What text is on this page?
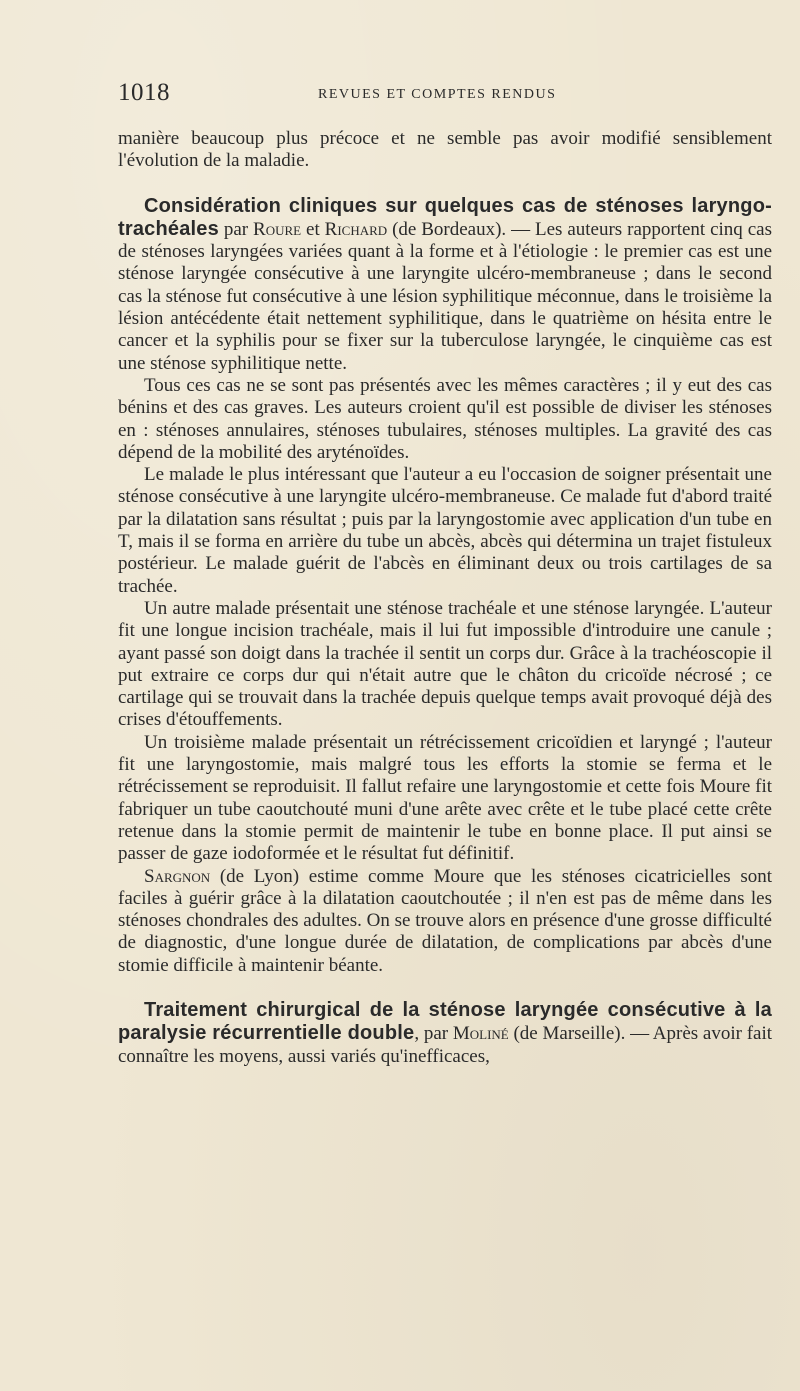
1018	REVUES ET COMPTES RENDUS

manière beaucoup plus précoce et ne semble pas avoir modifié sensiblement l'évolution de la maladie.

Considération cliniques sur quelques cas de sténoses laryngo-trachéales par Roure et Richard (de Bordeaux). — Les auteurs rapportent cinq cas de sténoses laryngées variées quant à la forme et à l'étiologie : le premier cas est une sténose laryngée consécutive à une laryngite ulcéro-membraneuse ; dans le second cas la sténose fut consécutive à une lésion syphilitique méconnue, dans le troisième la lésion antécédente était nettement syphilitique, dans le quatrième on hésita entre le cancer et la syphilis pour se fixer sur la tuberculose laryngée, le cinquième cas est une sténose syphilitique nette.

Tous ces cas ne se sont pas présentés avec les mêmes caractères ; il y eut des cas bénins et des cas graves. Les auteurs croient qu'il est possible de diviser les sténoses en : sténoses annulaires, sténoses tubulaires, sténoses multiples. La gravité des cas dépend de la mobilité des aryténoïdes.

Le malade le plus intéressant que l'auteur a eu l'occasion de soigner présentait une sténose consécutive à une laryngite ulcéro-membraneuse. Ce malade fut d'abord traité par la dilatation sans résultat ; puis par la laryngostomie avec application d'un tube en T, mais il se forma en arrière du tube un abcès, abcès qui détermina un trajet fistuleux postérieur. Le malade guérit de l'abcès en éliminant deux ou trois cartilages de sa trachée.

Un autre malade présentait une sténose trachéale et une sténose laryngée. L'auteur fit une longue incision trachéale, mais il lui fut impossible d'introduire une canule ; ayant passé son doigt dans la trachée il sentit un corps dur. Grâce à la trachéoscopie il put extraire ce corps dur qui n'était autre que le châton du cricoïde nécrosé ; ce cartilage qui se trouvait dans la trachée depuis quelque temps avait provoqué déjà des crises d'étouffements.

Un troisième malade présentait un rétrécissement cricoïdien et laryngé ; l'auteur fit une laryngostomie, mais malgré tous les efforts la stomie se ferma et le rétrécissement se reproduisit. Il fallut refaire une laryngostomie et cette fois Moure fit fabriquer un tube caoutchouté muni d'une arête avec crête et le tube placé cette crête retenue dans la stomie permit de maintenir le tube en bonne place. Il put ainsi se passer de gaze iodoformée et le résultat fut définitif.

Sargnon (de Lyon) estime comme Moure que les sténoses cicatricielles sont faciles à guérir grâce à la dilatation caoutchoutée ; il n'en est pas de même dans les sténoses chondrales des adultes. On se trouve alors en présence d'une grosse difficulté de diagnostic, d'une longue durée de dilatation, de complications par abcès d'une stomie difficile à maintenir béante.

Traitement chirurgical de la sténose laryngée consécutive à la paralysie récurrentielle double, par Moliné (de Marseille). — Après avoir fait connaître les moyens, aussi variés qu'inefficaces,
